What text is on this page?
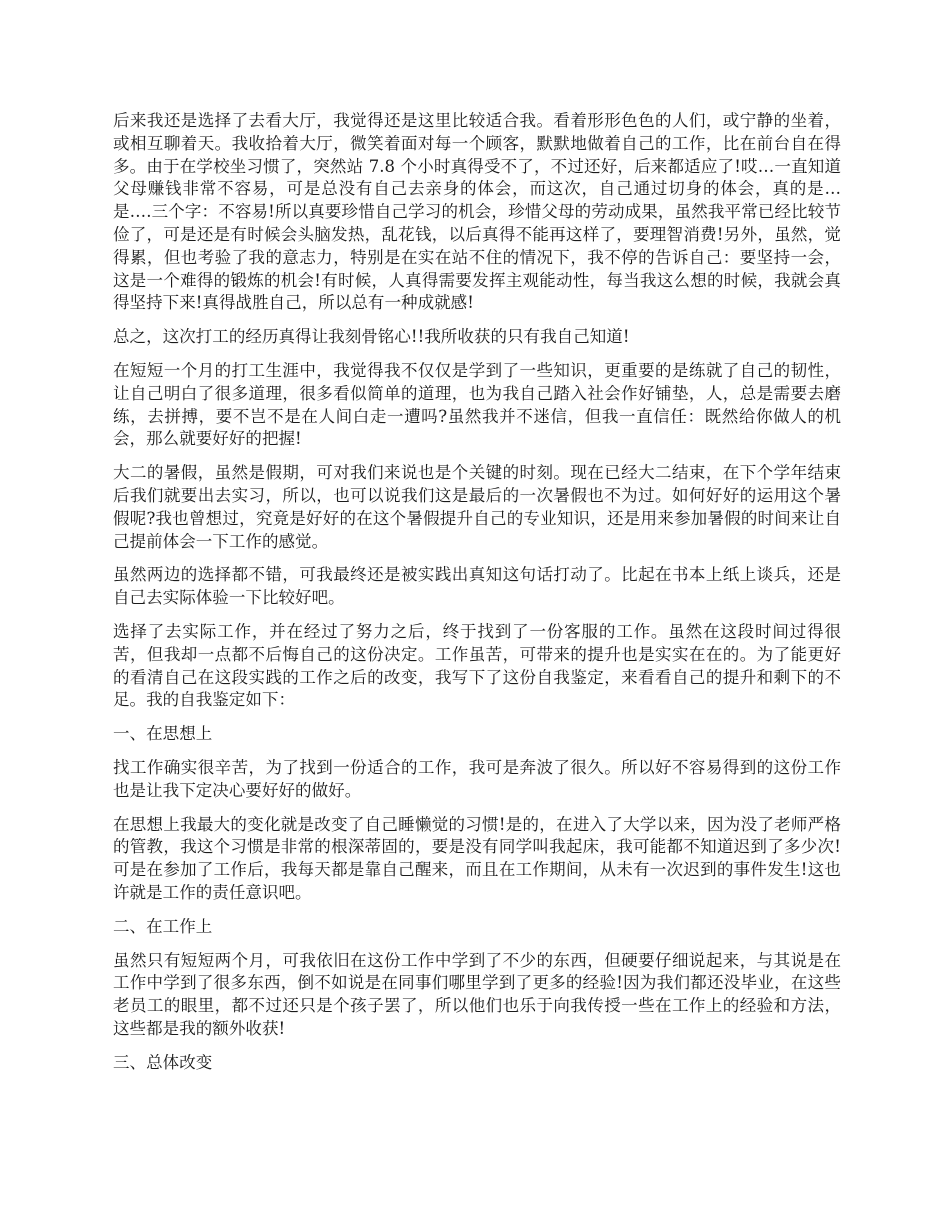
后来我还是选择了去看大厅，我觉得还是这里比较适合我。看着形形色色的人们，或宁静的坐着，或相互聊着天。我收拾着大厅，微笑着面对每一个顾客，默默地做着自己的工作，比在前台自在得多。由于在学校坐习惯了，突然站 7.8 个小时真得受不了，不过还好，后来都适应了!哎…一直知道父母赚钱非常不容易，可是总没有自己去亲身的体会，而这次，自己通过切身的体会，真的是…是….三个字：不容易!所以真要珍惜自己学习的机会，珍惜父母的劳动成果，虽然我平常已经比较节俭了，可是还是有时候会头脑发热，乱花钱，以后真得不能再这样了，要理智消费!另外，虽然，觉得累，但也考验了我的意志力，特别是在实在站不住的情况下，我不停的告诉自己：要坚持一会，这是一个难得的锻炼的机会!有时候，人真得需要发挥主观能动性，每当我这么想的时候，我就会真得坚持下来!真得战胜自己，所以总有一种成就感!

总之，这次打工的经历真得让我刻骨铭心!!我所收获的只有我自己知道!

在短短一个月的打工生涯中，我觉得我不仅仅是学到了一些知识，更重要的是练就了自己的韧性，让自己明白了很多道理，很多看似简单的道理，也为我自己踏入社会作好铺垫，人，总是需要去磨练，去拼搏，要不岂不是在人间白走一遭吗?虽然我并不迷信，但我一直信任：既然给你做人的机会，那么就要好好的把握!

大二的暑假，虽然是假期，可对我们来说也是个关键的时刻。现在已经大二结束，在下个学年结束后我们就要出去实习，所以，也可以说我们这是最后的一次暑假也不为过。如何好好的运用这个暑假呢?我也曾想过，究竟是好好的在这个暑假提升自己的专业知识，还是用来参加暑假的时间来让自己提前体会一下工作的感觉。

虽然两边的选择都不错，可我最终还是被实践出真知这句话打动了。比起在书本上纸上谈兵，还是自己去实际体验一下比较好吧。

选择了去实际工作，并在经过了努力之后，终于找到了一份客服的工作。虽然在这段时间过得很苦，但我却一点都不后悔自己的这份决定。工作虽苦，可带来的提升也是实实在在的。为了能更好的看清自己在这段实践的工作之后的改变，我写下了这份自我鉴定，来看看自己的提升和剩下的不足。我的自我鉴定如下：

一、在思想上

找工作确实很辛苦，为了找到一份适合的工作，我可是奔波了很久。所以好不容易得到的这份工作也是让我下定决心要好好的做好。

在思想上我最大的变化就是改变了自己睡懒觉的习惯!是的，在进入了大学以来，因为没了老师严格的管教，我这个习惯是非常的根深蒂固的，要是没有同学叫我起床，我可能都不知道迟到了多少次!可是在参加了工作后，我每天都是靠自己醒来，而且在工作期间，从未有一次迟到的事件发生!这也许就是工作的责任意识吧。

二、在工作上

虽然只有短短两个月，可我依旧在这份工作中学到了不少的东西，但硬要仔细说起来，与其说是在工作中学到了很多东西，倒不如说是在同事们哪里学到了更多的经验!因为我们都还没毕业，在这些老员工的眼里，都不过还只是个孩子罢了，所以他们也乐于向我传授一些在工作上的经验和方法，这些都是我的额外收获!

三、总体改变
